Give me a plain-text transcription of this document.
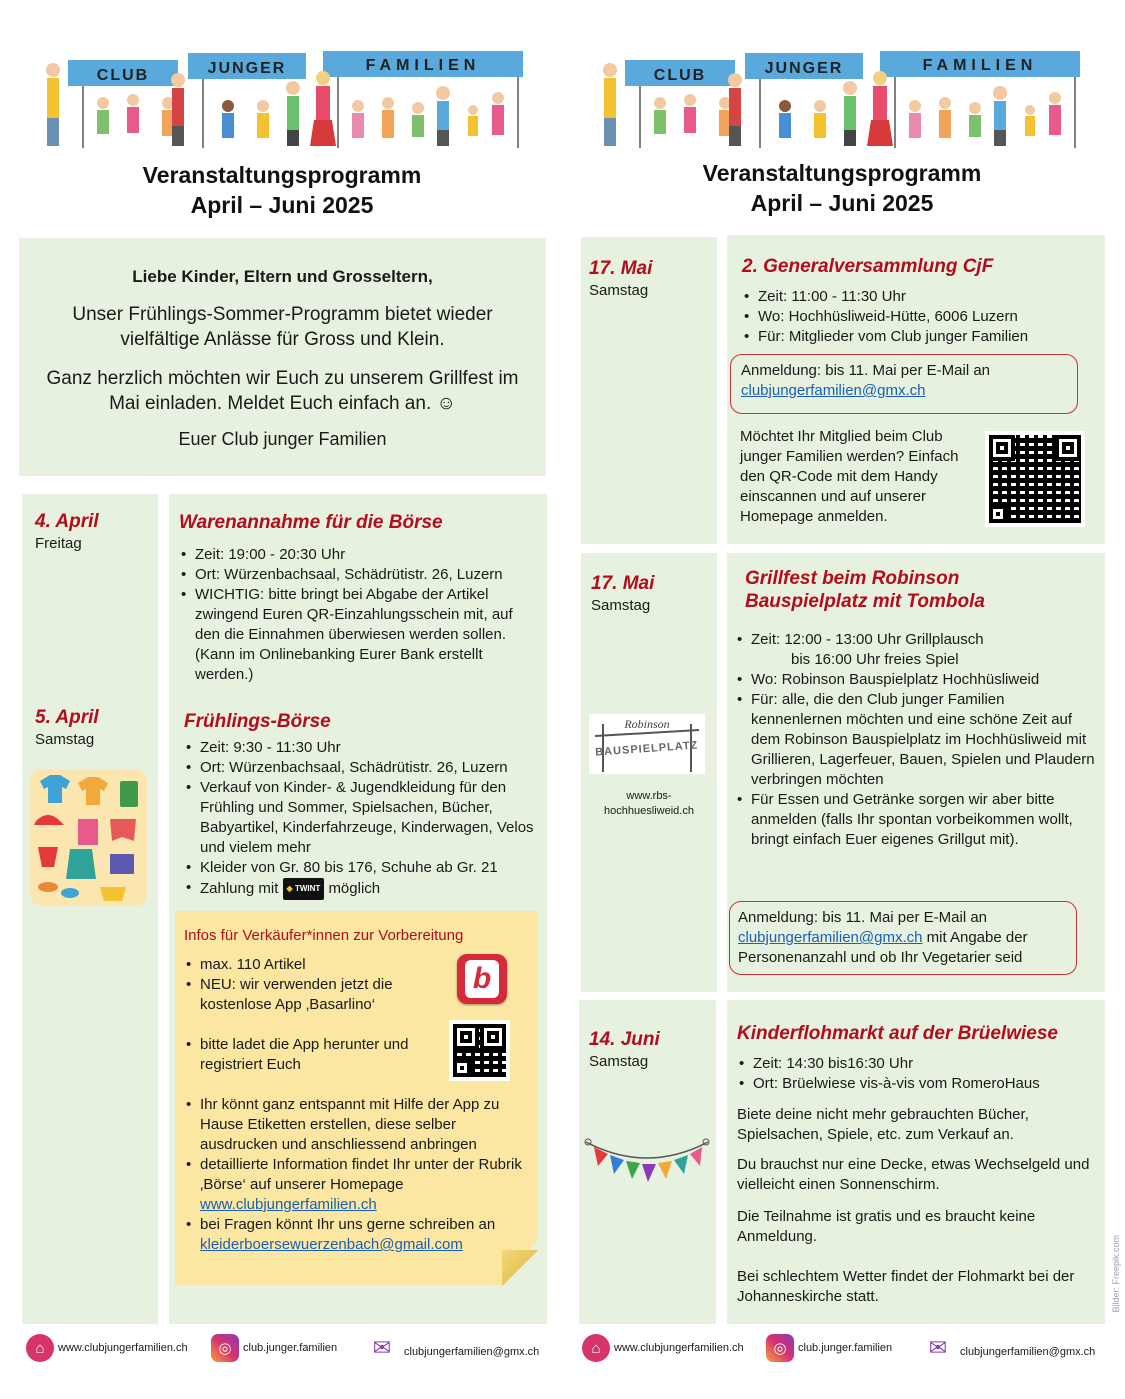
CLUB	JUNGER	FAMILIEN
Veranstaltungsprogramm
April – Juni 2025
Liebe Kinder, Eltern und Grosseltern,
Unser Frühlings-Sommer-Programm bietet wieder vielfältige Anlässe für Gross und Klein.
Ganz herzlich möchten wir Euch zu unserem Grillfest im Mai einladen. Meldet Euch einfach an. ☺
Euer Club junger Familien
4. April
Freitag
5. April
Samstag
Warenannahme für die Börse
• Zeit: 19:00 - 20:30 Uhr
• Ort: Würzenbachsaal, Schädrütistr. 26, Luzern
• WICHTIG: bitte bringt bei Abgabe der Artikel zwingend Euren QR-Einzahlungsschein mit, auf den die Einnahmen überwiesen werden sollen. (Kann im Onlinebanking Eurer Bank erstellt werden.)
Frühlings-Börse
• Zeit: 9:30 - 11:30 Uhr
• Ort: Würzenbachsaal, Schädrütistr. 26, Luzern
• Verkauf von Kinder- & Jugendkleidung für den Frühling und Sommer, Spielsachen, Bücher, Babyartikel, Kinderfahrzeuge, Kinderwagen, Velos und vielem mehr
• Kleider von Gr. 80 bis 176, Schuhe ab Gr. 21
• Zahlung mit ◆ TWINT möglich
Infos für Verkäufer*innen zur Vorbereitung
• max. 110 Artikel
• NEU: wir verwenden jetzt die kostenlose App ‚Basarlino‘
• bitte ladet die App herunter und registriert Euch
• Ihr könnt ganz entspannt mit Hilfe der App zu Hause Etiketten erstellen, diese selber ausdrucken und anschliessend anbringen
• detaillierte Information findet Ihr unter der Rubrik ‚Börse‘ auf unserer Homepage www.clubjungerfamilien.ch
• bei Fragen könnt Ihr uns gerne schreiben an kleiderboersewuerzenbach@gmail.com
b
⌂	www.clubjungerfamilien.ch	◎	club.junger.familien	✉	clubjungerfamilien@gmx.ch
CLUB	JUNGER	FAMILIEN
Veranstaltungsprogramm
April – Juni 2025
17. Mai
Samstag
2. Generalversammlung CjF
• Zeit: 11:00 - 11:30 Uhr
• Wo: Hochhüsliweid-Hütte, 6006 Luzern
• Für: Mitglieder vom Club junger Familien
Anmeldung: bis 11. Mai per E-Mail an
clubjungerfamilien@gmx.ch
Möchtet Ihr Mitglied beim Club junger Familien werden? Einfach den QR-Code mit dem Handy einscannen und auf unserer Homepage anmelden.
17. Mai
Samstag
Robinson
BAUSPIELPLATZ
www.rbs-
hochhuesliweid.ch
Grillfest beim Robinson
Bauspielplatz mit Tombola
• Zeit: 12:00 - 13:00 Uhr Grillplausch
bis 16:00 Uhr freies Spiel
• Wo: Robinson Bauspielplatz Hochhüsliweid
• Für: alle, die den Club junger Familien kennenlernen möchten und eine schöne Zeit auf dem Robinson Bauspielplatz im Hochhüsliweid mit Grillieren, Lagerfeuer, Bauen, Spielen und Plaudern verbringen möchten
• Für Essen und Getränke sorgen wir aber bitte anmelden (falls Ihr spontan vorbeikommen wollt, bringt einfach Euer eigenes Grillgut mit).
Anmeldung: bis 11. Mai per E-Mail an clubjungerfamilien@gmx.ch mit Angabe der Personenanzahl und ob Ihr Vegetarier seid
14. Juni
Samstag
Kinderflohmarkt auf der Brüelwiese
• Zeit: 14:30 bis16:30 Uhr
• Ort: Brüelwiese vis-à-vis vom RomeroHaus
Biete deine nicht mehr gebrauchten Bücher, Spielsachen, Spiele, etc. zum Verkauf an.
Du brauchst nur eine Decke, etwas Wechselgeld und vielleicht einen Sonnenschirm.
Die Teilnahme ist gratis und es braucht keine Anmeldung.
Bei schlechtem Wetter findet der Flohmarkt bei der Johanneskirche statt.	Bilder: Freepik.com
⌂	www.clubjungerfamilien.ch	◎	club.junger.familien	✉	clubjungerfamilien@gmx.ch
